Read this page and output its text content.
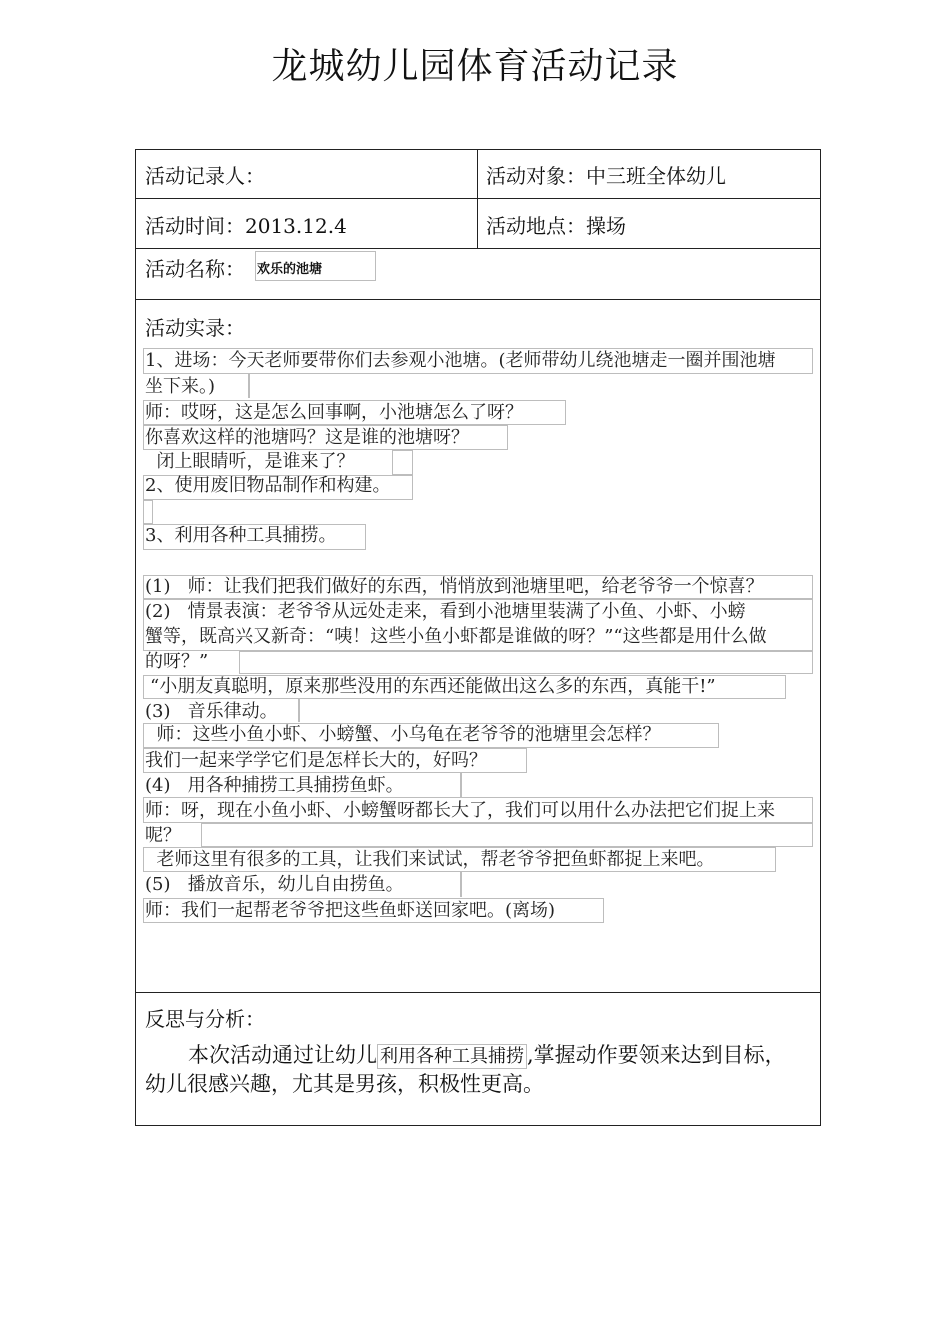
龙城幼儿园体育活动记录
活动记录人：	活动对象：中三班全体幼儿
活动时间：2013.12.4	活动地点：操场
活动名称： 欢乐的池塘
活动实录：
1、进场：今天老师要带你们去参观小池塘。(老师带幼儿绕池塘走一圈并围池塘
坐下来。)
师：哎呀，这是怎么回事啊，小池塘怎么了呀？
你喜欢这样的池塘吗？这是谁的池塘呀？
闭上眼睛听，是谁来了？
2、使用废旧物品制作和构建。
3、利用各种工具捕捞。
(1)   师：让我们把我们做好的东西，悄悄放到池塘里吧，给老爷爷一个惊喜？
(2)   情景表演：老爷爷从远处走来，看到小池塘里装满了小鱼、小虾、小螃
蟹等，既高兴又新奇：“咦！这些小鱼小虾都是谁做的呀？”“这些都是用什么做
的呀？”
“小朋友真聪明，原来那些没用的东西还能做出这么多的东西，真能干!”
(3)   音乐律动。
师：这些小鱼小虾、小螃蟹、小乌龟在老爷爷的池塘里会怎样？
我们一起来学学它们是怎样长大的，好吗？
(4)   用各种捕捞工具捕捞鱼虾。
师：呀，现在小鱼小虾、小螃蟹呀都长大了，我们可以用什么办法把它们捉上来
呢？
老师这里有很多的工具，让我们来试试，帮老爷爷把鱼虾都捉上来吧。
(5)   播放音乐，幼儿自由捞鱼。
师：我们一起帮老爷爷把这些鱼虾送回家吧。(离场)
反思与分析：
本次活动通过让幼儿 利用各种工具捕捞 ,掌握动作要领来达到目标，
幼儿很感兴趣，尤其是男孩，积极性更高。
